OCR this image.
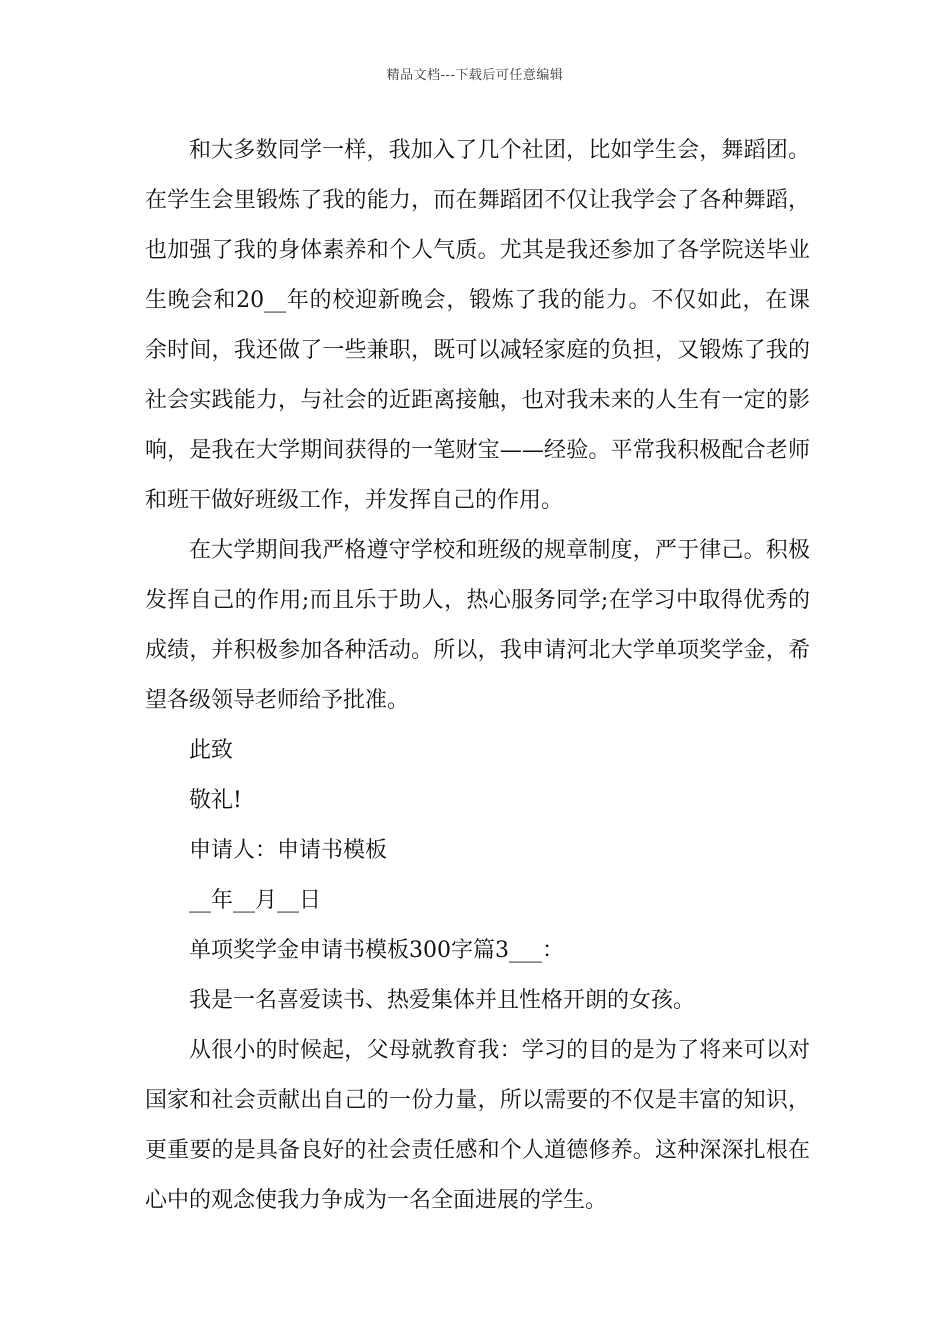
精品文档---下载后可任意编辑

和大多数同学一样，我加入了几个社团，比如学生会，舞蹈团。在学生会里锻炼了我的能力，而在舞蹈团不仅让我学会了各种舞蹈，也加强了我的身体素养和个人气质。尤其是我还参加了各学院送毕业生晚会和20__年的校迎新晚会，锻炼了我的能力。不仅如此，在课余时间，我还做了一些兼职，既可以减轻家庭的负担，又锻炼了我的社会实践能力，与社会的近距离接触，也对我未来的人生有一定的影响，是我在大学期间获得的一笔财宝——经验。平常我积极配合老师和班干做好班级工作，并发挥自己的作用。

在大学期间我严格遵守学校和班级的规章制度，严于律己。积极发挥自己的作用;而且乐于助人，热心服务同学;在学习中取得优秀的成绩，并积极参加各种活动。所以，我申请河北大学单项奖学金，希望各级领导老师给予批准。

此致

敬礼!

申请人：申请书模板

__年__月__日

单项奖学金申请书模板300字篇3___：

我是一名喜爱读书、热爱集体并且性格开朗的女孩。

从很小的时候起，父母就教育我：学习的目的是为了将来可以对国家和社会贡献出自己的一份力量，所以需要的不仅是丰富的知识，更重要的是具备良好的社会责任感和个人道德修养。这种深深扎根在心中的观念使我力争成为一名全面进展的学生。
